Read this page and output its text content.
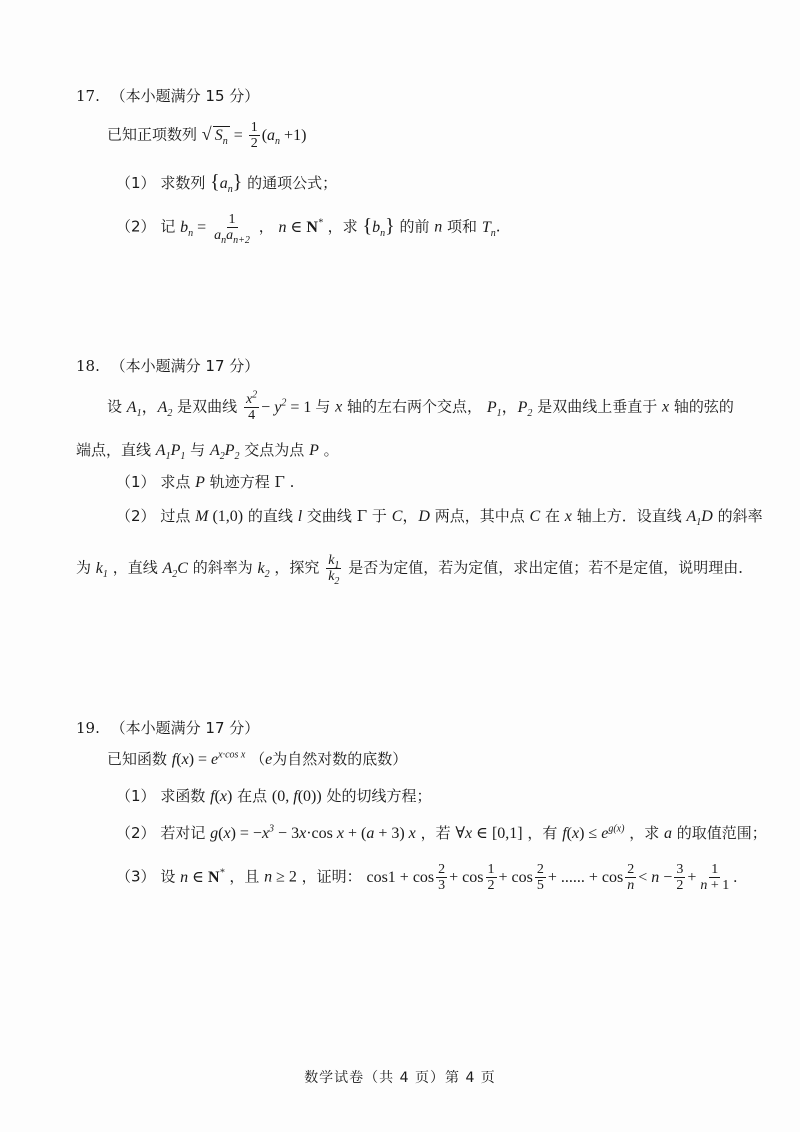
17. （本小题满分 15 分）
已知正项数列 √ $S_n = \frac{1}{2} (a_n +1)$
（1） 求数列 $\{a_n\}$ 的通项公式；
（2） 记 $b_n = \frac{1}{a_na_{n+2}}$ ， n ∈ N* ，求 $\{b_n\}$ 的前 n 项和 $T_n$.
18. （本小题满分 17 分）
设 $A_1$，$A_2$ 是双曲线 $\frac{x^2}{4} - y^2 = 1$ 与 x 轴的左右两个交点， $P_1$，$P_2$ 是双曲线上垂直于 x 轴的弦的
端点，直线 $A_1P_1$ 与 $A_2P_2$ 交点为点 P 。
（1） 求点 P 轨迹方程 Γ .
（2） 过点 M (1,0) 的直线 l 交曲线 Γ 于 C，D 两点，其中点 C 在 x 轴上方．设直线 $A_1D$ 的斜率
为 $k_1$ ，直线 $A_2C$ 的斜率为 $k_2$ ，探究 $\frac{k_1}{k_2}$ 是否为定值，若为定值，求出定值；若不是定值，说明理由．
19. （本小题满分 17 分）
已知函数 $f(x) = e^{x\cdot cos x}$ （e为自然对数的底数）
（1） 求函数 f(x) 在点 (0, f(0)) 处的切线方程；
（2） 若对记 $g(x) = -x^3 - 3x\cdot\cos$ x + (a + 3) x ，若 ∀x ∈ [0,1] ，有 $f(x) \le e^{g(x)}$ ，求 a 的取值范围；
（3） 设 n ∈ N* ，且 n ≥ 2 ，证明： $\cos 1 + \cos \frac{2}{3} + \cos \frac{1}{2} + \cos \frac{2}{5}$ + ...... + $\cos \frac{2}{n} < n - \frac{3}{2} + \frac{1}{n + 1}$ .
数学试卷（共 4 页）第 4 页
